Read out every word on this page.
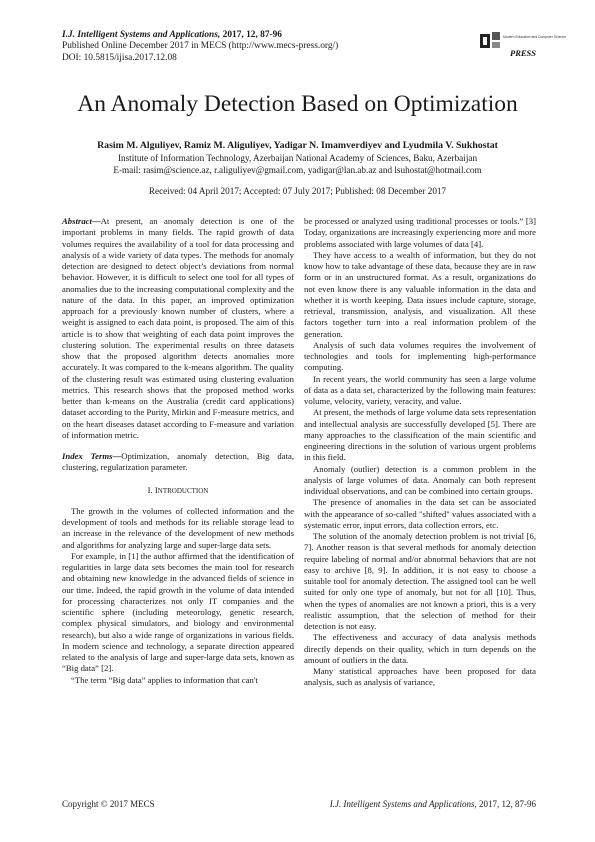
I.J. Intelligent Systems and Applications, 2017, 12, 87-96
Published Online December 2017 in MECS (http://www.mecs-press.org/)
DOI: 10.5815/ijisa.2017.12.08
Modern Education and Computer Science
PRESS
An Anomaly Detection Based on Optimization
Rasim M. Alguliyev, Ramiz M. Aliguliyev, Yadigar N. Imamverdiyev and Lyudmila V. Sukhostat
Institute of Information Technology, Azerbaijan National Academy of Sciences, Baku, Azerbaijan
E-mail: rasim@science.az, r.aliguliyev@gmail.com, yadigar@lan.ab.az and lsuhostat@hotmail.com
Received: 04 April 2017; Accepted: 07 July 2017; Published: 08 December 2017

Abstract—At present, an anomaly detection is one of the important problems in many fields. The rapid growth of data volumes requires the availability of a tool for data processing and analysis of a wide variety of data types. The methods for anomaly detection are designed to detect object’s deviations from normal behavior. However, it is difficult to select one tool for all types of anomalies due to the increasing computational complexity and the nature of the data. In this paper, an improved optimization approach for a previously known number of clusters, where a weight is assigned to each data point, is proposed. The aim of this article is to show that weighting of each data point improves the clustering solution. The experimental results on three datasets show that the proposed algorithm detects anomalies more accurately. It was compared to the k-means algorithm. The quality of the clustering result was estimated using clustering evaluation metrics. This research shows that the proposed method works better than k-means on the Australia (credit card applications) dataset according to the Purity, Mirkin and F-measure metrics, and on the heart diseases dataset according to F-measure and variation of information metric.

Index Terms—Optimization, anomaly detection, Big data, clustering, regularization parameter.

I. INTRODUCTION

The growth in the volumes of collected information and the development of tools and methods for its reliable storage lead to an increase in the relevance of the development of new methods and algorithms for analyzing large and super-large data sets.

For example, in [1] the author affirmed that the identification of regularities in large data sets becomes the main tool for research and obtaining new knowledge in the advanced fields of science in our time. Indeed, the rapid growth in the volume of data intended for processing characterizes not only IT companies and the scientific sphere (including meteorology, genetic research, complex physical simulators, and biology and environmental research), but also a wide range of organizations in various fields. In modern science and technology, a separate direction appeared related to the analysis of large and super-large data sets, known as “Big data” [2].

“The term “Big data” applies to information that can't

be processed or analyzed using traditional processes or tools.” [3] Today, organizations are increasingly experiencing more and more problems associated with large volumes of data [4].

They have access to a wealth of information, but they do not know how to take advantage of these data, because they are in raw form or in an unstructured format. As a result, organizations do not even know there is any valuable information in the data and whether it is worth keeping. Data issues include capture, storage, retrieval, transmission, analysis, and visualization. All these factors together turn into a real information problem of the generation.

Analysis of such data volumes requires the involvement of technologies and tools for implementing high-performance computing.

In recent years, the world community has seen a large volume of data as a data set, characterized by the following main features: volume, velocity, variety, veracity, and value.

At present, the methods of large volume data sets representation and intellectual analysis are successfully developed [5]. There are many approaches to the classification of the main scientific and engineering directions in the solution of various urgent problems in this field.

Anomaly (outlier) detection is a common problem in the analysis of large volumes of data. Anomaly can both represent individual observations, and can be combined into certain groups.

The presence of anomalies in the data set can be associated with the appearance of so-called "shifted" values associated with a systematic error, input errors, data collection errors, etc.

The solution of the anomaly detection problem is not trivial [6, 7]. Another reason is that several methods for anomaly detection require labeling of normal and/or abnormal behaviors that are not easy to archive [8, 9]. In addition, it is not easy to choose a suitable tool for anomaly detection. The assigned tool can be well suited for only one type of anomaly, but not for all [10]. Thus, when the types of anomalies are not known a priori, this is a very realistic assumption, that the selection of method for their detection is not easy.

The effectiveness and accuracy of data analysis methods directly depends on their quality, which in turn depends on the amount of outliers in the data.

Many statistical approaches have been proposed for data analysis, such as analysis of variance,

Copyright © 2017 MECS	I.J. Intelligent Systems and Applications, 2017, 12, 87-96
